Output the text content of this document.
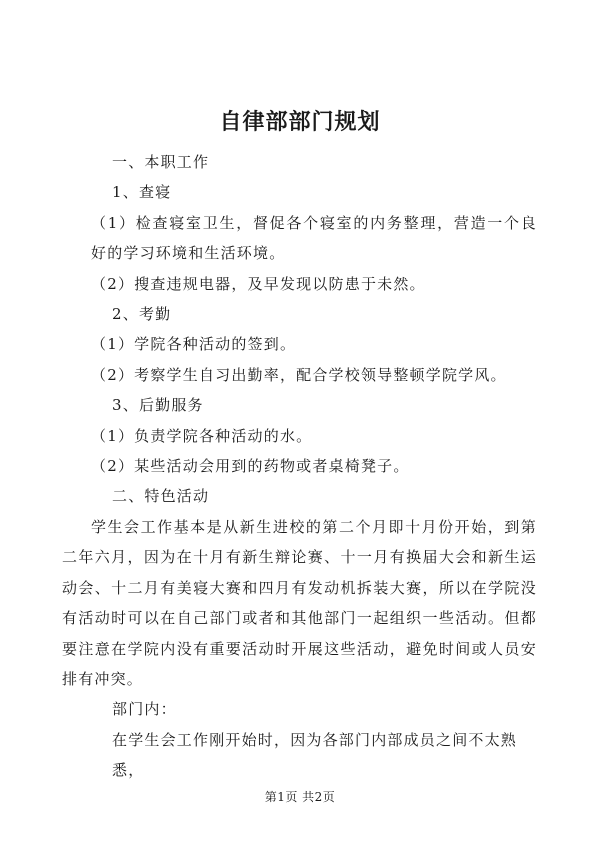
自律部部门规划

一、本职工作

1、查寝

（1）检查寝室卫生，督促各个寝室的内务整理，营造一个良好的学习环境和生活环境。

（2）搜查违规电器，及早发现以防患于未然。

2、考勤

（1）学院各种活动的签到。

（2）考察学生自习出勤率，配合学校领导整顿学院学风。

3、后勤服务

（1）负责学院各种活动的水。

（2）某些活动会用到的药物或者桌椅凳子。

二、特色活动

学生会工作基本是从新生进校的第二个月即十月份开始，到第二年六月，因为在十月有新生辩论赛、十一月有换届大会和新生运动会、十二月有美寝大赛和四月有发动机拆装大赛，所以在学院没有活动时可以在自己部门或者和其他部门一起组织一些活动。但都要注意在学院内没有重要活动时开展这些活动，避免时间或人员安排有冲突。

部门内：

在学生会工作刚开始时，因为各部门内部成员之间不太熟悉，

第1页 共2页
